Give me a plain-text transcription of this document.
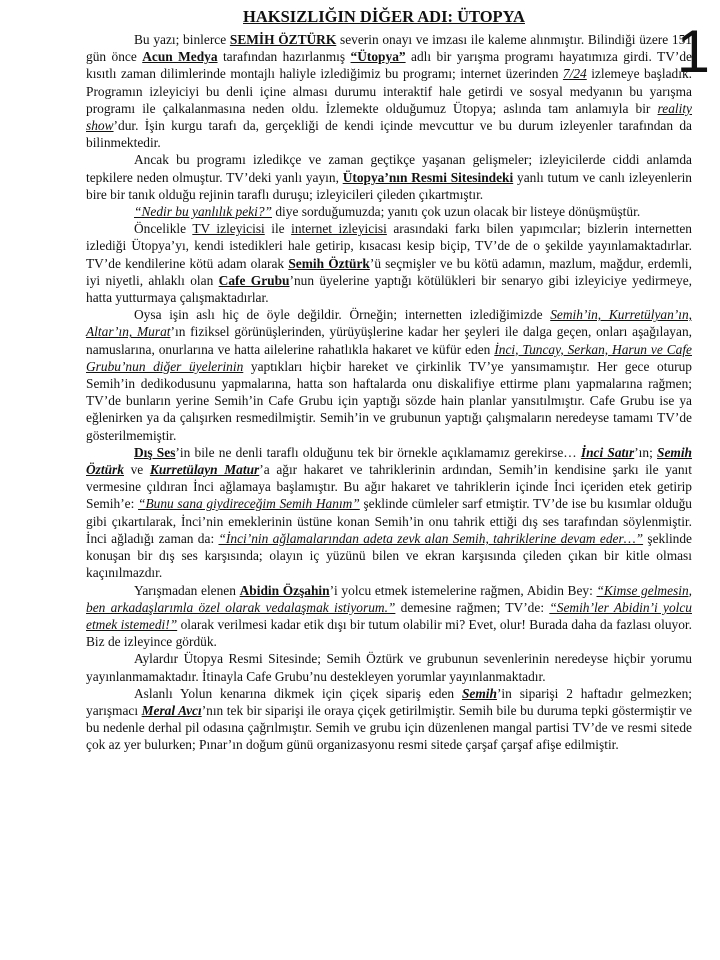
HAKSIZLIĞIN DİĞER ADI: ÜTOPYA
1

Bu yazı; binlerce SEMİH ÖZTÜRK severin onayı ve imzası ile kaleme alınmıştır. Bilindiği üzere 151 gün önce Acun Medya tarafından hazırlanmış “Ütopya” adlı bir yarışma programı hayatımıza girdi. TV’de kısıtlı zaman dilimlerinde montajlı haliyle izlediğimiz bu programı; internet üzerinden 7/24 izlemeye başladık. Programın izleyiciyi bu denli içine alması durumu interaktif hale getirdi ve sosyal medyanın bu yarışma programı ile çalkalanmasına neden oldu. İzlemekte olduğumuz Ütopya; aslında tam anlamıyla bir reality show’dur. İşin kurgu tarafı da, gerçekliği de kendi içinde mevcuttur ve bu durum izleyenler tarafından da bilinmektedir.

Ancak bu programı izledikçe ve zaman geçtikçe yaşanan gelişmeler; izleyicilerde ciddi anlamda tepkilere neden olmuştur. TV’deki yanlı yayın, Ütopya’nın Resmi Sitesindeki yanlı tutum ve canlı izleyenlerin bire bir tanık olduğu rejinin taraflı duruşu; izleyicileri çileden çıkartmıştır.

“Nedir bu yanlılık peki?” diye sorduğumuzda; yanıtı çok uzun olacak bir listeye dönüşmüştür.

Öncelikle TV izleyicisi ile internet izleyicisi arasındaki farkı bilen yapımcılar; bizlerin internetten izlediği Ütopya’yı, kendi istedikleri hale getirip, kısacası kesip biçip, TV’de de o şekilde yayınlamaktadırlar. TV’de kendilerine kötü adam olarak Semih Öztürk’ü seçmişler ve bu kötü adamın, mazlum, mağdur, erdemli, iyi niyetli, ahlaklı olan Cafe Grubu’nun üyelerine yaptığı kötülükleri bir senaryo gibi izleyiciye yedirmeye, hatta yutturmaya çalışmaktadırlar.

Oysa işin aslı hiç de öyle değildir. Örneğin; internetten izlediğimizde Semih’in, Kurretülyan’ın, Altar’ın, Murat’ın fiziksel görünüşlerinden, yürüyüşlerine kadar her şeyleri ile dalga geçen, onları aşağılayan, namuslarına, onurlarına ve hatta ailelerine rahatlıkla hakaret ve küfür eden İnci, Tuncay, Serkan, Harun ve Cafe Grubu’nun diğer üyelerinin yaptıkları hiçbir hareket ve çirkinlik TV’ye yansımamıştır. Her gece oturup Semih’in dedikodusunu yapmalarına, hatta son haftalarda onu diskalifiye ettirme planı yapmalarına rağmen; TV’de bunların yerine Semih’in Cafe Grubu için yaptığı sözde hain planlar yansıtılmıştır. Cafe Grubu ise ya eğlenirken ya da çalışırken resmedilmiştir. Semih’in ve grubunun yaptığı çalışmaların neredeyse tamamı TV’de gösterilmemiştir.

Dış Ses’in bile ne denli taraflı olduğunu tek bir örnekle açıklamamız gerekirse… İnci Satır’ın; Semih Öztürk ve Kurretülayn Matur’a ağır hakaret ve tahriklerinin ardından, Semih’in kendisine şarkı ile yanıt vermesine çıldıran İnci ağlamaya başlamıştır. Bu ağır hakaret ve tahriklerin içinde İnci içeriden etek getirip Semih’e: “Bunu sana giydireceğim Semih Hanım” şeklinde cümleler sarf etmiştir. TV’de ise bu kısımlar olduğu gibi çıkartılarak, İnci’nin emeklerinin üstüne konan Semih’in onu tahrik ettiği dış ses tarafından söylenmiştir. İnci ağladığı zaman da: “İnci’nin ağlamalarından adeta zevk alan Semih, tahriklerine devam eder…” şeklinde konuşan bir dış ses karşısında; olayın iç yüzünü bilen ve ekran karşısında çileden çıkan bir kitle olması kaçınılmazdır.

Yarışmadan elenen Abidin Özşahin’i yolcu etmek istemelerine rağmen, Abidin Bey: “Kimse gelmesin, ben arkadaşlarımla özel olarak vedalaşmak istiyorum.” demesine rağmen; TV’de: “Semih’ler Abidin’i yolcu etmek istemedi!” olarak verilmesi kadar etik dışı bir tutum olabilir mi? Evet, olur! Burada daha da fazlası oluyor. Biz de izleyince gördük.

Aylardır Ütopya Resmi Sitesinde; Semih Öztürk ve grubunun sevenlerinin neredeyse hiçbir yorumu yayınlanmamaktadır. İtinayla Cafe Grubu’nu destekleyen yorumlar yayınlanmaktadır.

Aslanlı Yolun kenarına dikmek için çiçek sipariş eden Semih’in siparişi 2 haftadır gelmezken; yarışmacı Meral Avcı’nın tek bir siparişi ile oraya çiçek getirilmiştir. Semih bile bu duruma tepki göstermiştir ve bu nedenle derhal pil odasına çağrılmıştır. Semih ve grubu için düzenlenen mangal partisi TV’de ve resmi sitede çok az yer bulurken; Pınar’ın doğum günü organizasyonu resmi sitede çarşaf çarşaf afişe edilmiştir.
